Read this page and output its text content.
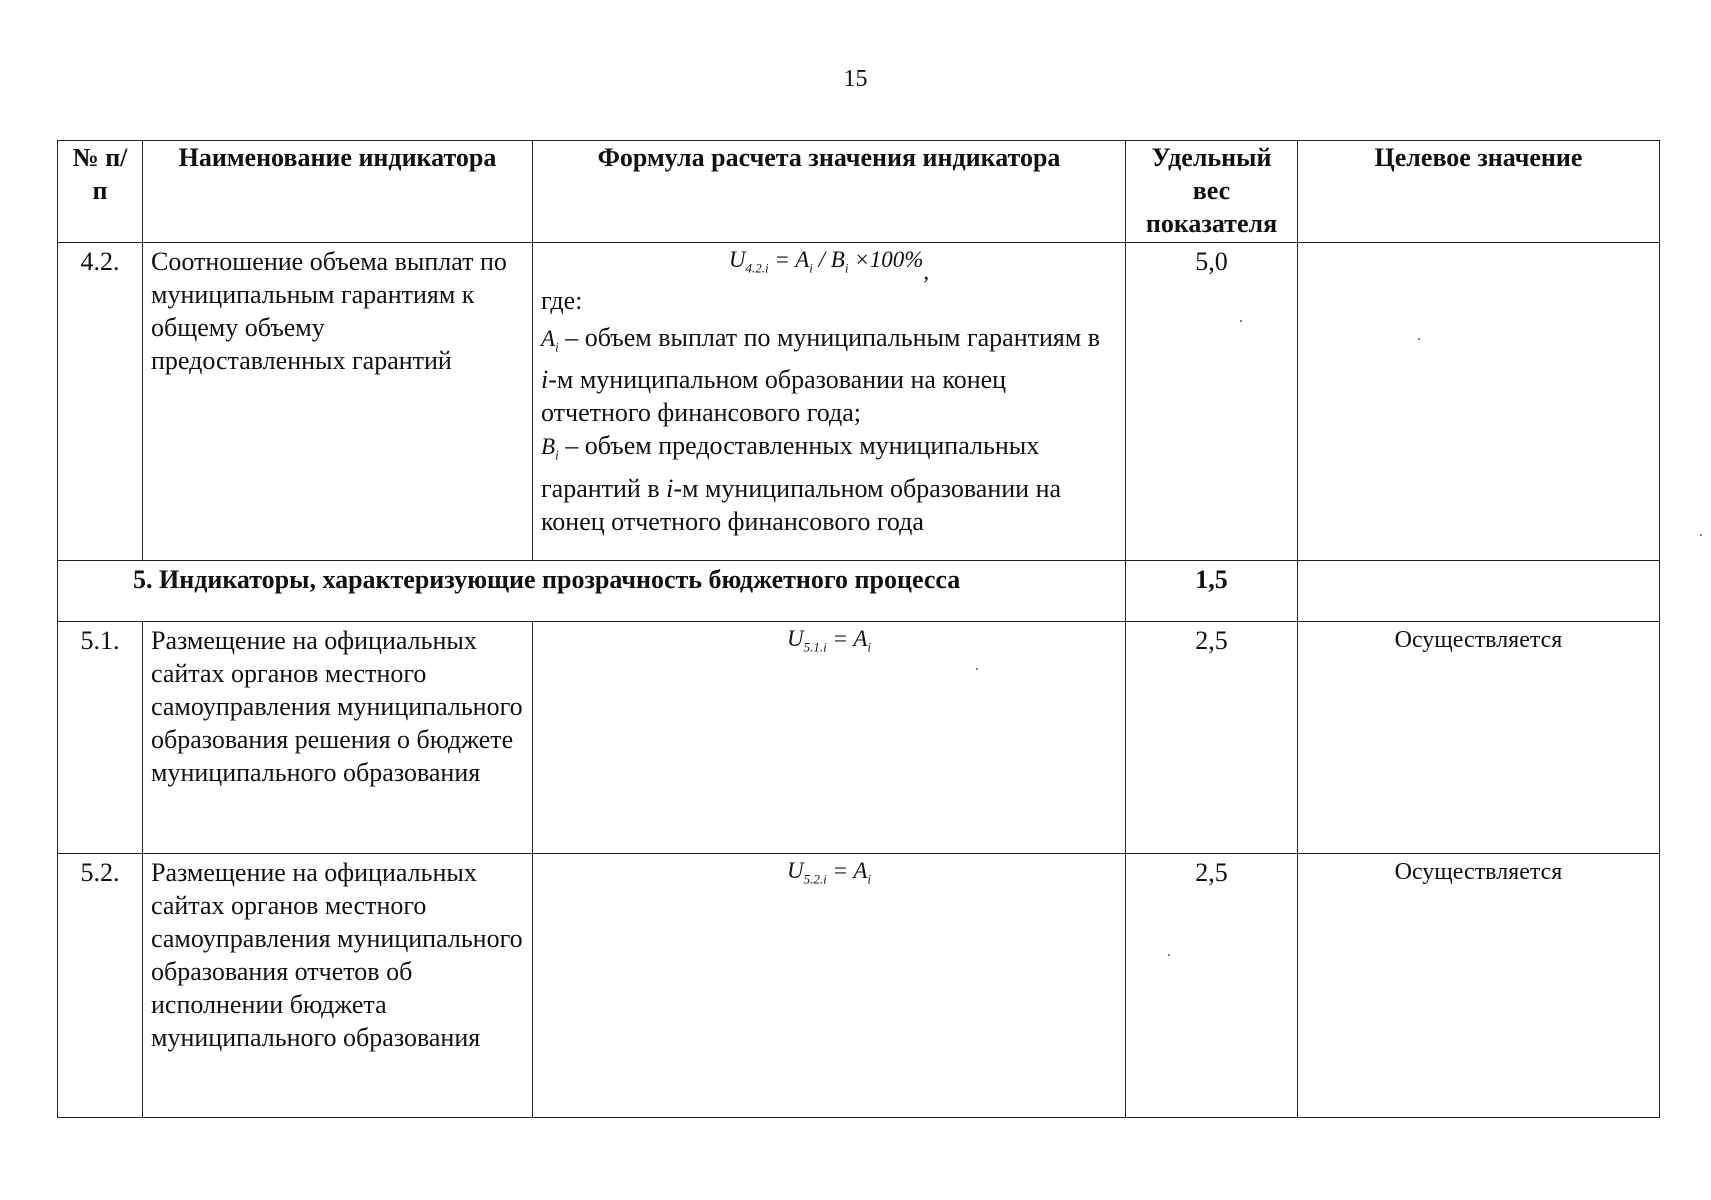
15
№ п/п	Наименование индикатора	Формула расчета значения индикатора	Удельный вес показателя	Целевое значение
4.2.	Соотношение объема выплат по муниципальным гарантиям к общему объему предоставленных гарантий	$U_{4.2.i} = A_i / B_i \times 100\%$,
где:
$A_i$ – объем выплат по муниципальным гарантиям в i-м муниципальном образовании на конец отчетного финансового года;
$B_i$ – объем предоставленных муниципальных гарантий в i-м муниципальном образовании на конец отчетного финансового года	5,0	
5. Индикаторы, характеризующие прозрачность бюджетного процесса			1,5	
5.1.	Размещение на официальных сайтах органов местного самоуправления муниципального образования решения о бюджете муниципального образования	$U_{5.1.i} = A_i$	2,5	Осуществляется
5.2.	Размещение на официальных сайтах органов местного самоуправления муниципального образования отчетов об исполнении бюджета муниципального образования	$U_{5.2.i} = A_i$	2,5	Осуществляется
